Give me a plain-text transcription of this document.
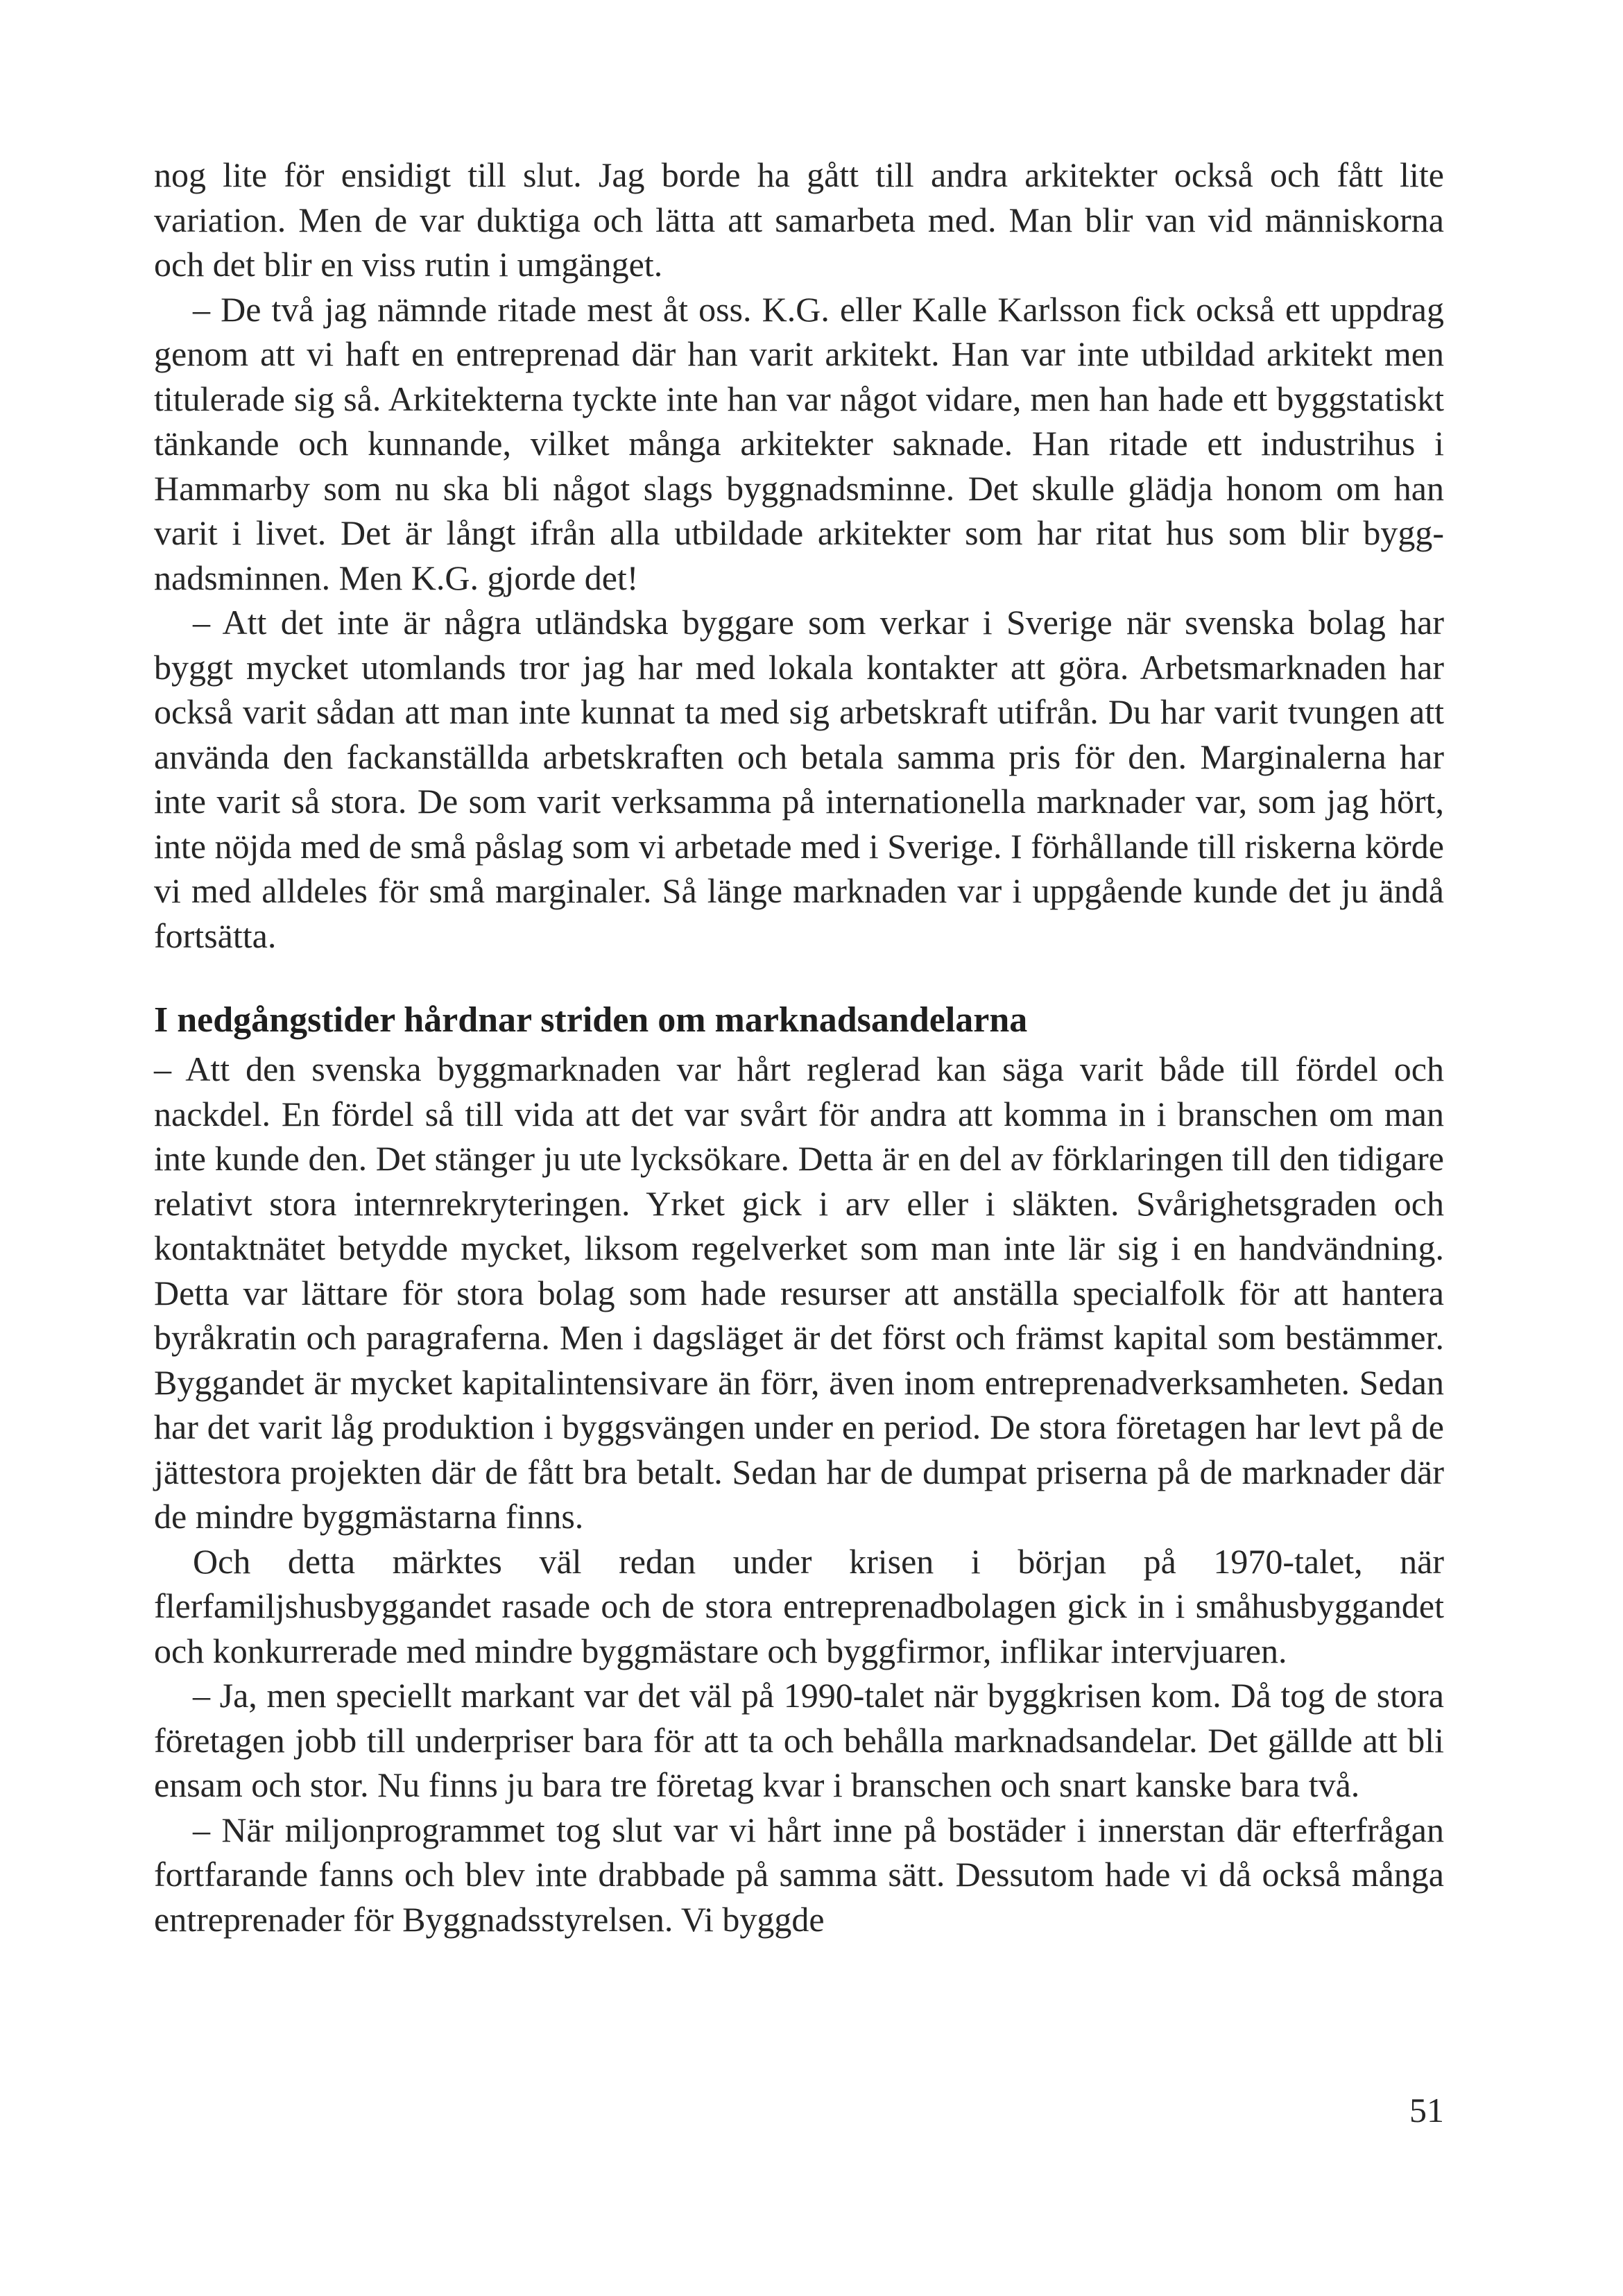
nog lite för ensidigt till slut. Jag borde ha gått till andra arkitekter också och fått lite variation. Men de var duktiga och lätta att samarbeta med. Man blir van vid människorna och det blir en viss rutin i umgänget.

– De två jag nämnde ritade mest åt oss. K.G. eller Kalle Karlsson fick också ett uppdrag genom att vi haft en entreprenad där han varit arkitekt. Han var inte utbildad arkitekt men titulerade sig så. Arkitekterna tyckte inte han var något vidare, men han hade ett byggstatiskt tänkande och kunnande, vilket många arkitekter saknade. Han ritade ett industrihus i Hammarby som nu ska bli något slags byggnadsminne. Det skulle glädja honom om han varit i livet. Det är långt ifrån alla utbildade arkitekter som har ritat hus som blir byggnadsminnen. Men K.G. gjorde det!

– Att det inte är några utländska byggare som verkar i Sverige när svenska bolag har byggt mycket utomlands tror jag har med lokala kontakter att göra. Arbetsmarknaden har också varit sådan att man inte kunnat ta med sig arbetskraft utifrån. Du har varit tvungen att använda den fackanställda arbetskraften och betala samma pris för den. Marginalerna har inte varit så stora. De som varit verksamma på internationella marknader var, som jag hört, inte nöjda med de små påslag som vi arbetade med i Sverige. I förhållande till riskerna körde vi med alldeles för små marginaler. Så länge marknaden var i uppgående kunde det ju ändå fortsätta.

I nedgångstider hårdnar striden om marknadsandelarna

– Att den svenska byggmarknaden var hårt reglerad kan säga varit både till fördel och nackdel. En fördel så till vida att det var svårt för andra att komma in i branschen om man inte kunde den. Det stänger ju ute lycksökare. Detta är en del av förklaringen till den tidigare relativt stora internrekryteringen. Yrket gick i arv eller i släkten. Svårighetsgraden och kontaktnätet betydde mycket, liksom regelverket som man inte lär sig i en handvändning. Detta var lättare för stora bolag som hade resurser att anställa specialfolk för att hantera byråkratin och paragraferna. Men i dagsläget är det först och främst kapital som bestämmer. Byggandet är mycket kapitalintensivare än förr, även inom entreprenadverksamheten. Sedan har det varit låg produktion i byggsvängen under en period. De stora företagen har levt på de jättestora projekten där de fått bra betalt. Sedan har de dumpat priserna på de marknader där de mindre byggmästarna finns.

Och detta märktes väl redan under krisen i början på 1970-talet, när flerfamiljshusbyggandet rasade och de stora entreprenadbolagen gick in i småhusbyggandet och konkurrerade med mindre byggmästare och byggfirmor, inflikar intervjuaren.

– Ja, men speciellt markant var det väl på 1990-talet när byggkrisen kom. Då tog de stora företagen jobb till underpriser bara för att ta och behålla marknadsandelar. Det gällde att bli ensam och stor. Nu finns ju bara tre företag kvar i branschen och snart kanske bara två.

– När miljonprogrammet tog slut var vi hårt inne på bostäder i innerstan där efterfrågan fortfarande fanns och blev inte drabbade på samma sätt. Dessutom hade vi då också många entreprenader för Byggnadsstyrelsen. Vi byggde

51
